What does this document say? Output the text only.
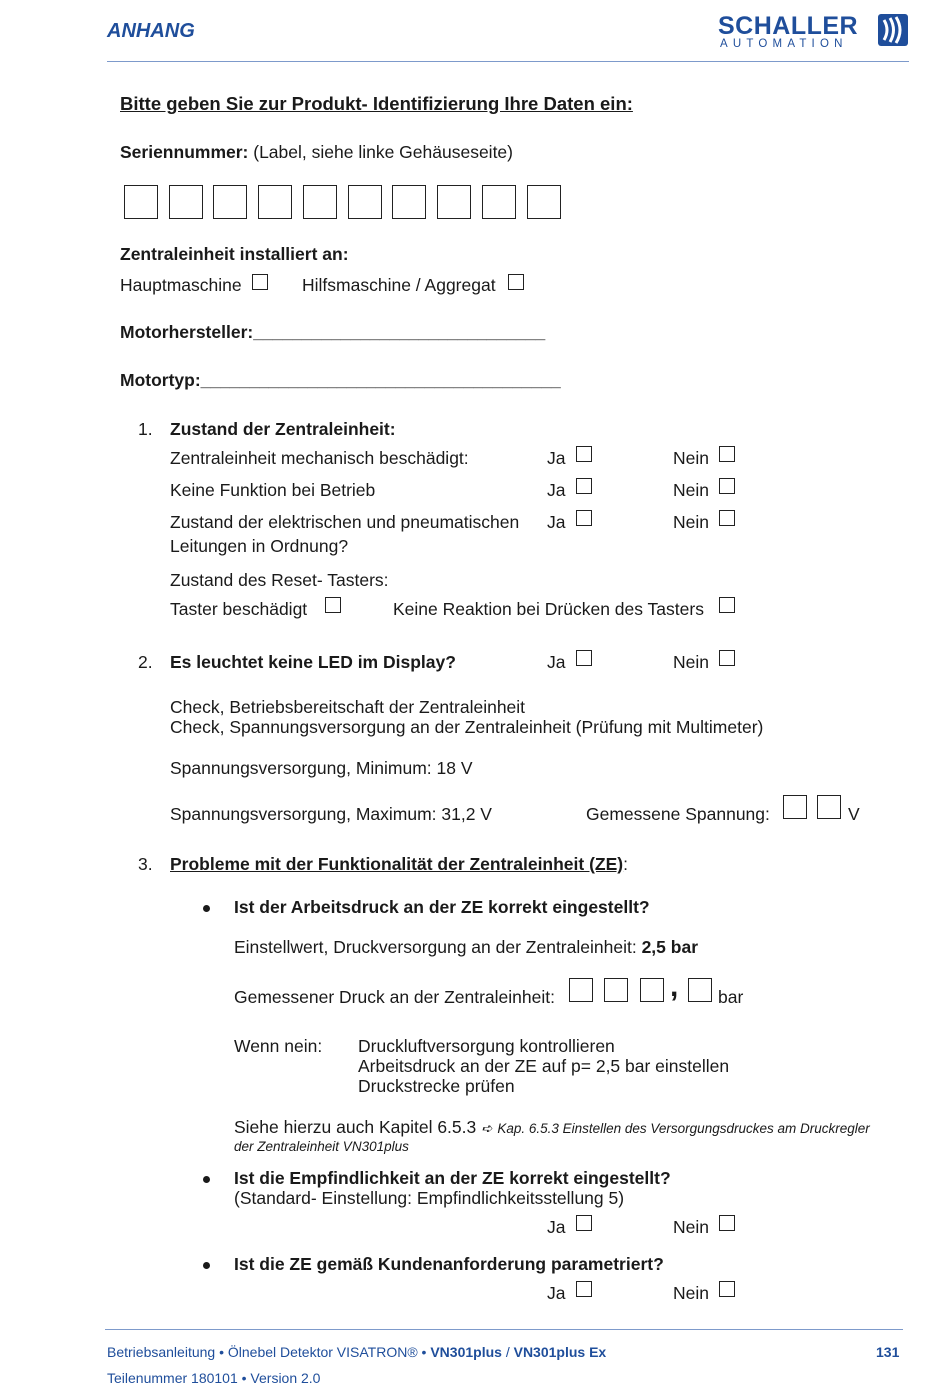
ANHANG	SCHALLER
AUTOMATION
Bitte geben Sie zur Produkt- Identifizierung Ihre Daten ein:
Seriennummer: (Label, siehe linke Gehäuseseite)
Zentraleinheit installiert an:
Hauptmaschine	Hilfsmaschine / Aggregat
Motorhersteller:______________________________
Motortyp:_____________________________________
1. Zustand der Zentraleinheit:
Zentraleinheit mechanisch beschädigt:	Ja	Nein
Keine Funktion bei Betrieb	Ja	Nein
Zustand der elektrischen und pneumatischen
Leitungen in Ordnung?
Ja	Nein
Zustand des Reset- Tasters:
Taster beschädigt	Keine Reaktion bei Drücken des Tasters
2. Es leuchtet keine LED im Display?	Ja	Nein
Check, Betriebsbereitschaft der Zentraleinheit
Check, Spannungsversorgung an der Zentraleinheit (Prüfung mit Multimeter)
Spannungsversorgung, Minimum: 18 V
Spannungsversorgung, Maximum: 31,2 V	Gemessene Spannung:	V
3. Probleme mit der Funktionalität der Zentraleinheit (ZE):
Ist der Arbeitsdruck an der ZE korrekt eingestellt?
Einstellwert, Druckversorgung an der Zentraleinheit: 2,5 bar
Gemessener Druck an der Zentraleinheit:	, bar
Wenn nein: Druckluftversorgung kontrollieren
Arbeitsdruck an der ZE auf p= 2,5 bar einstellen
Druckstrecke prüfen
Siehe hierzu auch Kapitel 6.5.3 ➪ Kap. 6.5.3 Einstellen des Versorgungsdruckes am Druckregler
der Zentraleinheit VN301plus
Ist die Empfindlichkeit an der ZE korrekt eingestellt?
(Standard- Einstellung: Empfindlichkeitsstellung 5)
Ja	Nein
Ist die ZE gemäß Kundenanforderung parametriert?
Ja	Nein
Betriebsanleitung • Ölnebel Detektor VISATRON® • VN301plus / VN301plus Ex	131
Teilenummer 180101 • Version 2.0
